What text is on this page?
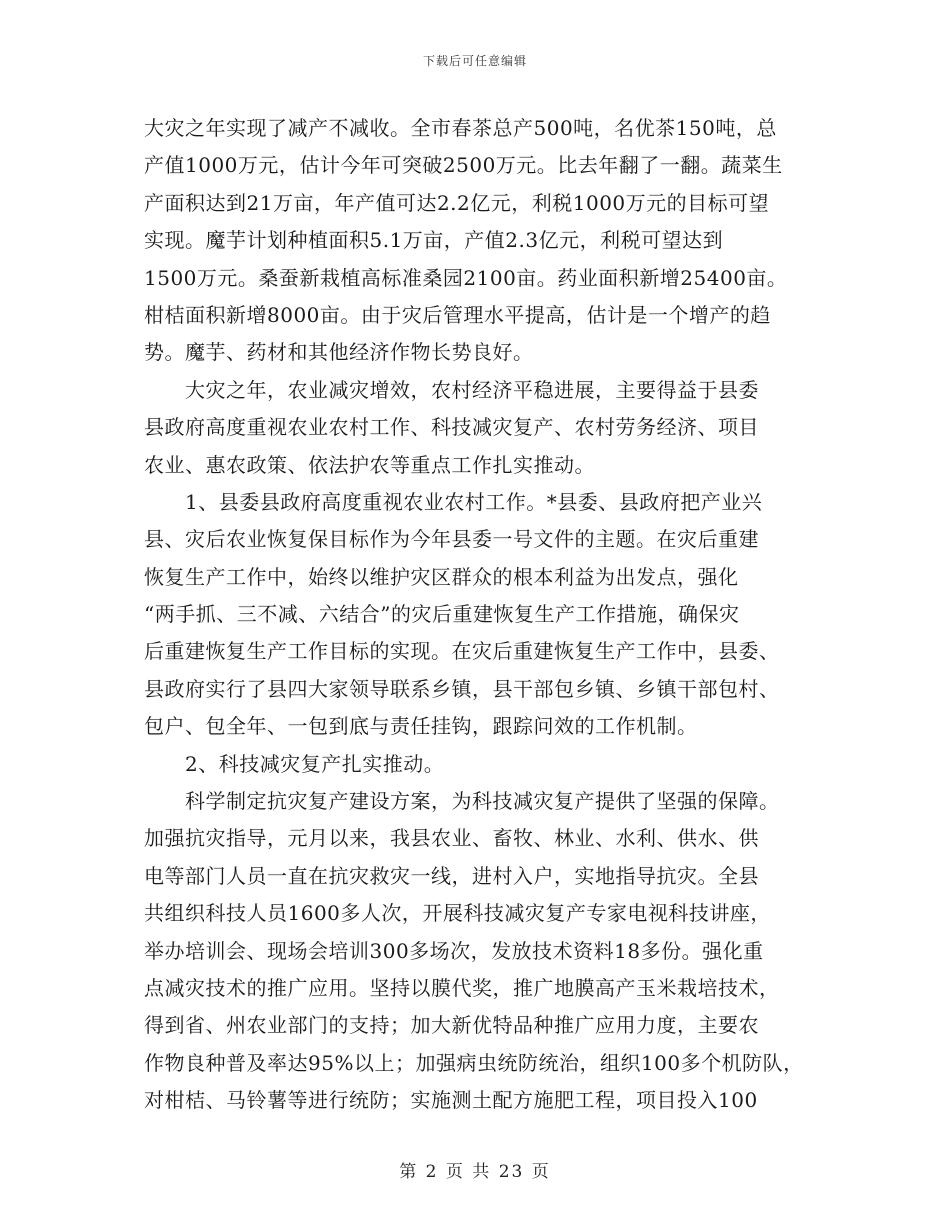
下载后可任意编辑
大灾之年实现了减产不减收。全市春茶总产500吨，名优茶150吨，总
产值1000万元，估计今年可突破2500万元。比去年翻了一翻。蔬菜生
产面积达到21万亩，年产值可达2.2亿元，利税1000万元的目标可望
实现。魔芋计划种植面积5.1万亩，产值2.3亿元，利税可望达到
1500万元。桑蚕新栽植高标准桑园2100亩。药业面积新增25400亩。
柑桔面积新增8000亩。由于灾后管理水平提高，估计是一个增产的趋
势。魔芋、药材和其他经济作物长势良好。
　　大灾之年，农业减灾增效，农村经济平稳进展，主要得益于县委
县政府高度重视农业农村工作、科技减灾复产、农村劳务经济、项目
农业、惠农政策、依法护农等重点工作扎实推动。
　　1、县委县政府高度重视农业农村工作。*县委、县政府把产业兴
县、灾后农业恢复保目标作为今年县委一号文件的主题。在灾后重建
恢复生产工作中，始终以维护灾区群众的根本利益为出发点，强化
“两手抓、三不减、六结合”的灾后重建恢复生产工作措施，确保灾
后重建恢复生产工作目标的实现。在灾后重建恢复生产工作中，县委、
县政府实行了县四大家领导联系乡镇，县干部包乡镇、乡镇干部包村、
包户、包全年、一包到底与责任挂钩，跟踪问效的工作机制。
　　2、科技减灾复产扎实推动。
　　科学制定抗灾复产建设方案，为科技减灾复产提供了坚强的保障。
加强抗灾指导，元月以来，我县农业、畜牧、林业、水利、供水、供
电等部门人员一直在抗灾救灾一线，进村入户，实地指导抗灾。全县
共组织科技人员1600多人次，开展科技减灾复产专家电视科技讲座，
举办培训会、现场会培训300多场次，发放技术资料18多份。强化重
点减灾技术的推广应用。坚持以膜代奖，推广地膜高产玉米栽培技术，
得到省、州农业部门的支持；加大新优特品种推广应用力度，主要农
作物良种普及率达95%以上；加强病虫统防统治，组织100多个机防队，
对柑桔、马铃薯等进行统防；实施测土配方施肥工程，项目投入100
第 2 页 共 23 页
